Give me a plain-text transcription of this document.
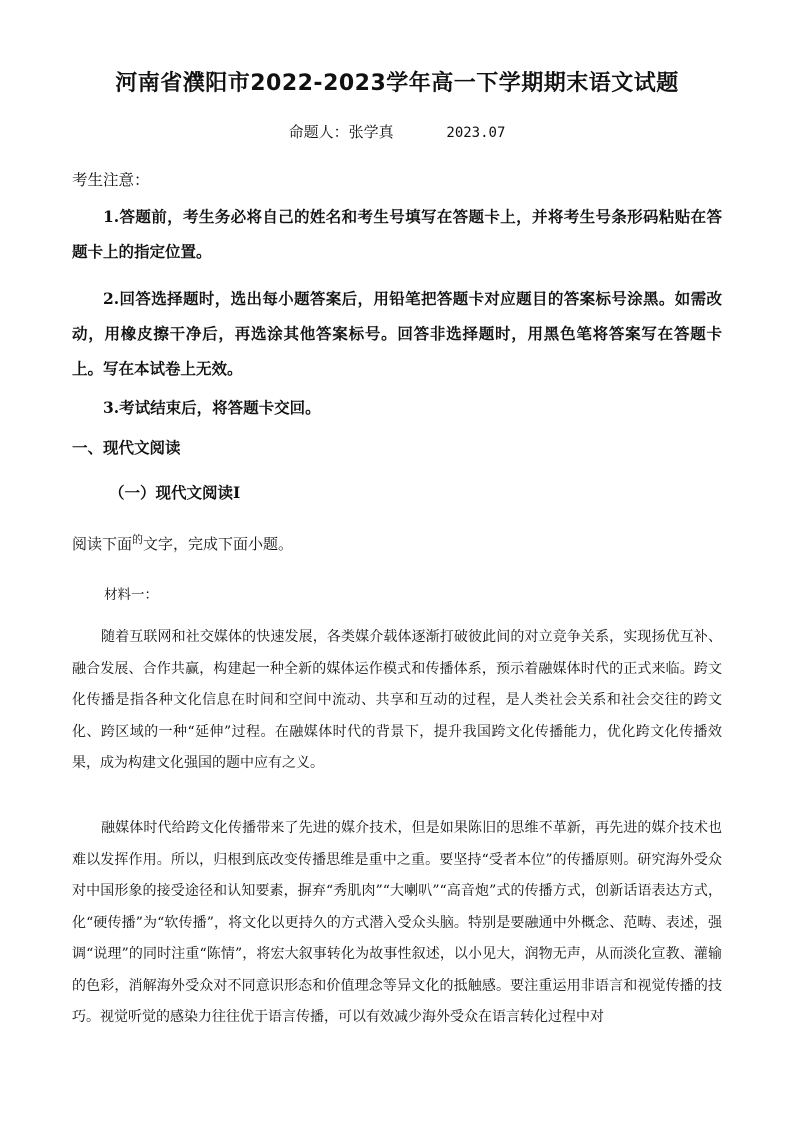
河南省濮阳市2022-2023学年高一下学期期末语文试题
命题人：张学真	2023.07
考生注意：
1.答题前，考生务必将自己的姓名和考生号填写在答题卡上，并将考生号条形码粘贴在答题卡上的指定位置。
2.回答选择题时，选出每小题答案后，用铅笔把答题卡对应题目的答案标号涂黑。如需改动，用橡皮擦干净后，再选涂其他答案标号。回答非选择题时，用黑色笔将答案写在答题卡上。写在本试卷上无效。
3.考试结束后，将答题卡交回。
一、现代文阅读
（一）现代文阅读Ⅰ
阅读下面$^的$文字，完成下面小题。
材料一：
随着互联网和社交媒体的快速发展，各类媒介载体逐渐打破彼此间的对立竞争关系，实现扬优互补、融合发展、合作共赢，构建起一种全新的媒体运作模式和传播体系，预示着融媒体时代的正式来临。跨文化传播是指各种文化信息在时间和空间中流动、共享和互动的过程，是人类社会关系和社会交往的跨文化、跨区域的一种“延伸”过程。在融媒体时代的背景下，提升我国跨文化传播能力，优化跨文化传播效果，成为构建文化强国的题中应有之义。
融媒体时代给跨文化传播带来了先进的媒介技术，但是如果陈旧的思维不革新，再先进的媒介技术也难以发挥作用。所以，归根到底改变传播思维是重中之重。要坚持“受者本位”的传播原则。研究海外受众对中国形象的接受途径和认知要素，摒弃“秀肌肉”“大喇叭”“高音炮”式的传播方式，创新话语表达方式，化“硬传播”为“软传播”，将文化以更持久的方式潜入受众头脑。特别是要融通中外概念、范畴、表述，强调“说理”的同时注重“陈情”，将宏大叙事转化为故事性叙述，以小见大，润物无声，从而淡化宣教、灌输的色彩，消解海外受众对不同意识形态和价值理念等异文化的抵触感。要注重运用非语言和视觉传播的技巧。视觉听觉的感染力往往优于语言传播，可以有效减少海外受众在语言转化过程中对
